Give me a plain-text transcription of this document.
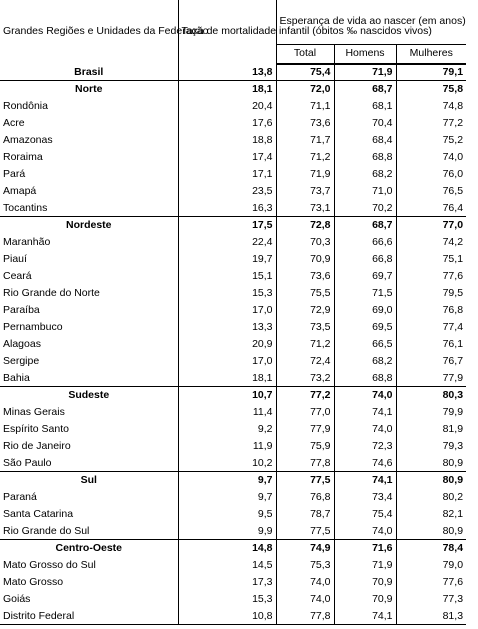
Grandes Regiões e Unidades da Federação	Taxa de mortalidade infantil (óbitos ‰ nascidos vivos)	Esperança de vida ao nascer (em anos)		
		Total	Homens	Mulheres
Brasil	13,8	75,4	71,9	79,1
Norte	18,1	72,0	68,7	75,8
Rondônia	20,4	71,1	68,1	74,8
Acre	17,6	73,6	70,4	77,2
Amazonas	18,8	71,7	68,4	75,2
Roraima	17,4	71,2	68,8	74,0
Pará	17,1	71,9	68,2	76,0
Amapá	23,5	73,7	71,0	76,5
Tocantins	16,3	73,1	70,2	76,4
Nordeste	17,5	72,8	68,7	77,0
Maranhão	22,4	70,3	66,6	74,2
Piauí	19,7	70,9	66,8	75,1
Ceará	15,1	73,6	69,7	77,6
Rio Grande do Norte	15,3	75,5	71,5	79,5
Paraíba	17,0	72,9	69,0	76,8
Pernambuco	13,3	73,5	69,5	77,4
Alagoas	20,9	71,2	66,5	76,1
Sergipe	17,0	72,4	68,2	76,7
Bahia	18,1	73,2	68,8	77,9
Sudeste	10,7	77,2	74,0	80,3
Minas Gerais	11,4	77,0	74,1	79,9
Espírito Santo	9,2	77,9	74,0	81,9
Rio de Janeiro	11,9	75,9	72,3	79,3
São Paulo	10,2	77,8	74,6	80,9
Sul	9,7	77,5	74,1	80,9
Paraná	9,7	76,8	73,4	80,2
Santa Catarina	9,5	78,7	75,4	82,1
Rio Grande do Sul	9,9	77,5	74,0	80,9
Centro-Oeste	14,8	74,9	71,6	78,4
Mato Grosso do Sul	14,5	75,3	71,9	79,0
Mato Grosso	17,3	74,0	70,9	77,6
Goiás	15,3	74,0	70,9	77,3
Distrito Federal	10,8	77,8	74,1	81,3
